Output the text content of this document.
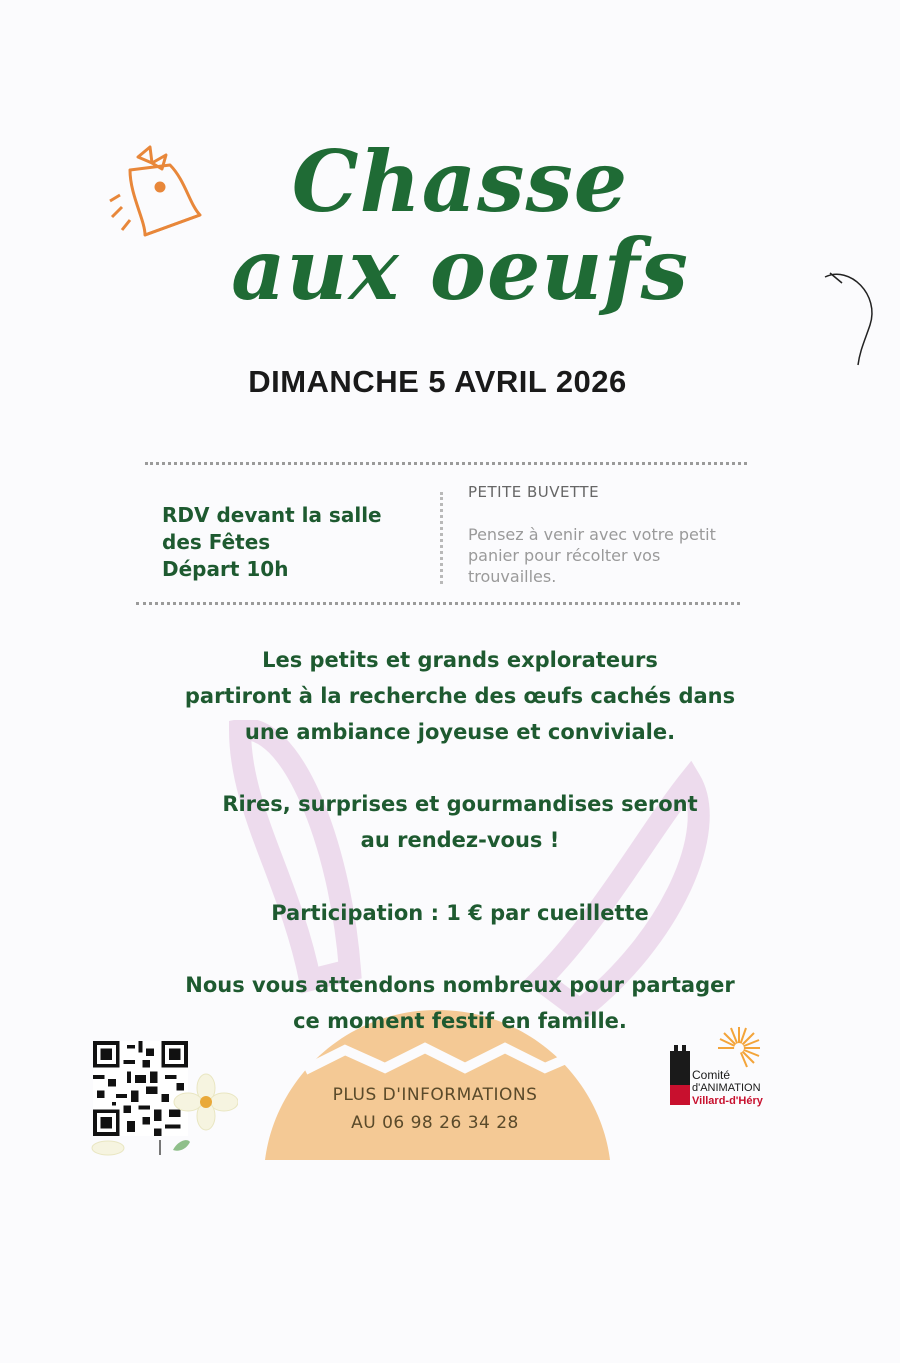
Chasse
aux oeufs
DIMANCHE 5 AVRIL 2026
RDV devant la salle
des Fêtes
Départ 10h
PETITE BUVETTE
Pensez à venir avec votre petit
panier pour récolter vos
trouvailles.
Les petits et grands explorateurs
partiront à la recherche des œufs cachés dans
une ambiance joyeuse et conviviale.
Rires, surprises et gourmandises seront
au rendez-vous !
Participation : 1 € par cueillette
Nous vous attendons nombreux pour partager
ce moment festif en famille.
PLUS D'INFORMATIONS
AU 06 98 26 34 28
Comité
d'ANIMATION
Villard-d'Héry
